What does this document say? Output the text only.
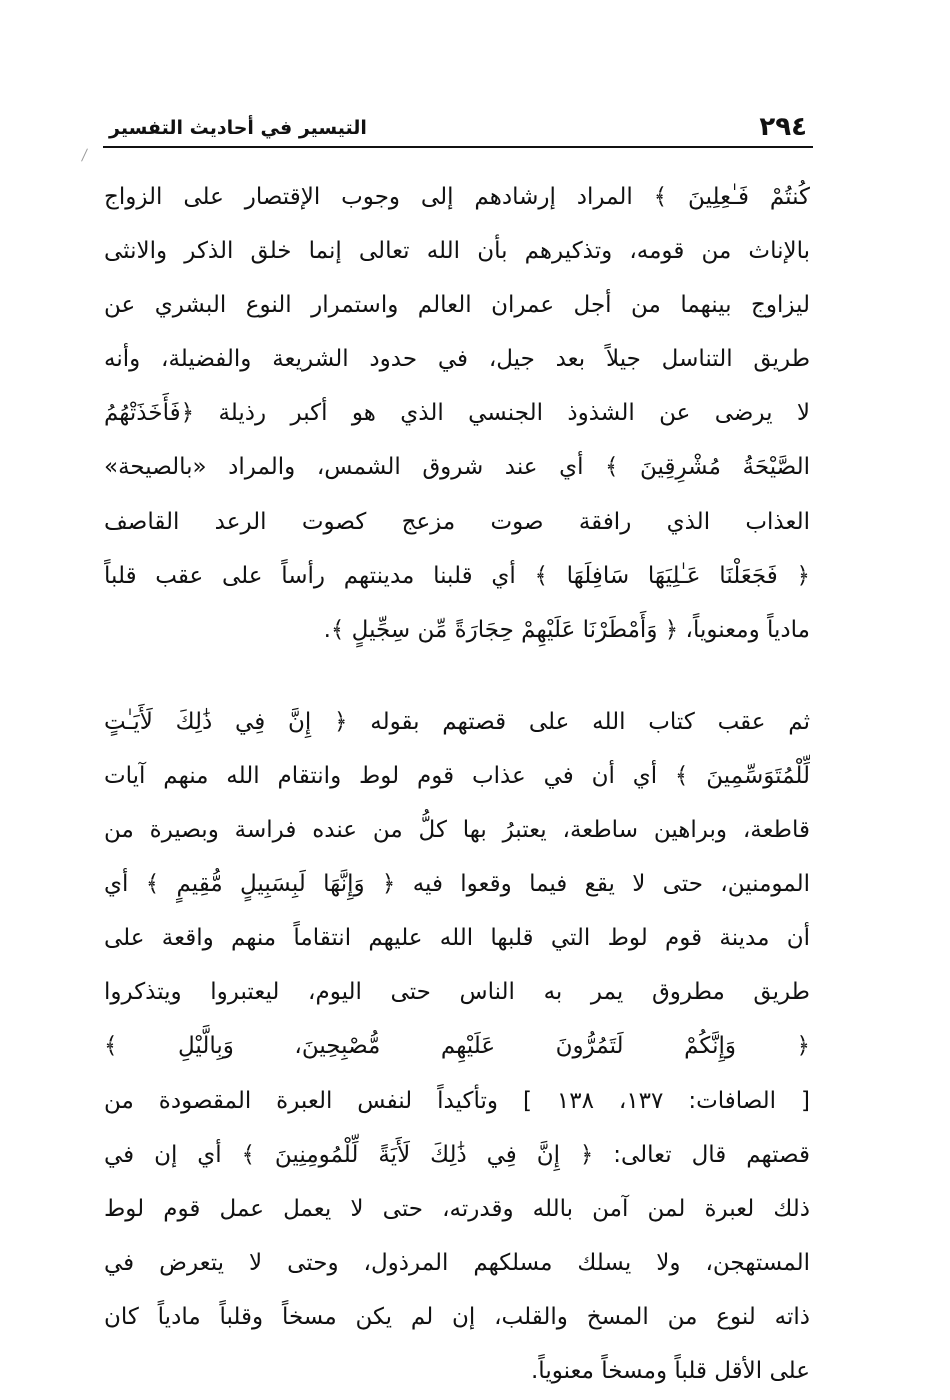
٢٩٤
التيسير في أحاديث التفسير
كُنتُمْ فَـٰعِلِينَ ﴾ المراد إرشادهم إلى وجوب الإقتصار على الزواج
بالإناث من قومه، وتذكيرهم بأن الله تعالى إنما خلق الذكر والانثى
ليزاوج بينهما من أجل عمران العالم واستمرار النوع البشري عن
طريق التناسل جيلاً بعد جيل، في حدود الشريعة والفضيلة، وأنه
لا يرضى عن الشذوذ الجنسي الذي هو أكبر رذيلة ﴿فَأَخَذَتْهُمُ
الصَّيْحَةُ مُشْرِقِينَ ﴾ أي عند شروق الشمس، والمراد «بالصيحة»
العذاب الذي رافقة صوت مزعج كصوت الرعد القاصف
﴿ فَجَعَلْنَا عَـٰلِيَهَا سَافِلَهَا ﴾ أي قلبنا مدينتهم رأساً على عقب قلباً
مادياً ومعنوياً، ﴿ وَأَمْطَرْنَا عَلَيْهِمْ حِجَارَةً مِّن سِجِّيلٍ ﴾.
ثم عقب كتاب الله على قصتهم بقوله ﴿ إِنَّ فِي ذَٰلِكَ لَأَيَـٰتٍ
لِّلْمُتَوَسِّمِينَ ﴾ أي أن في عذاب قوم لوط وانتقام الله منهم آيات
قاطعة، وبراهين ساطعة، يعتبرُ بها كلُّ من عنده فراسة وبصيرة من
المومنين، حتى لا يقع فيما وقعوا فيه ﴿ وَإِنَّهَا لَبِسَبِيلٍ مُّقِيمٍ ﴾ أي
أن مدينة قوم لوط التي قلبها الله عليهم انتقاماً منهم واقعة على
طريق مطروق يمر به الناس حتى اليوم، ليعتبروا ويتذكروا
﴿ وَإِنَّكُمْ لَتَمُرُّونَ عَلَيْهِم مُّصْبِحِينَ، وَبِالَّيْلِ ﴾
[ الصافات: ١٣٧، ١٣٨ ] وتأكيداً لنفس العبرة المقصودة من
قصتهم قال تعالى: ﴿ إِنَّ فِي ذَٰلِكَ لَأَيَةً لِّلْمُومِنِينَ ﴾ أي إن في
ذلك لعبرة لمن آمن بالله وقدرته، حتى لا يعمل عمل قوم لوط
المستهجن، ولا يسلك مسلكهم المرذول، وحتى لا يتعرض في
ذاته لنوع من المسخ والقلب، إن لم يكن مسخاً وقلباً مادياً كان
على الأقل قلباً ومسخاً معنوياً.
